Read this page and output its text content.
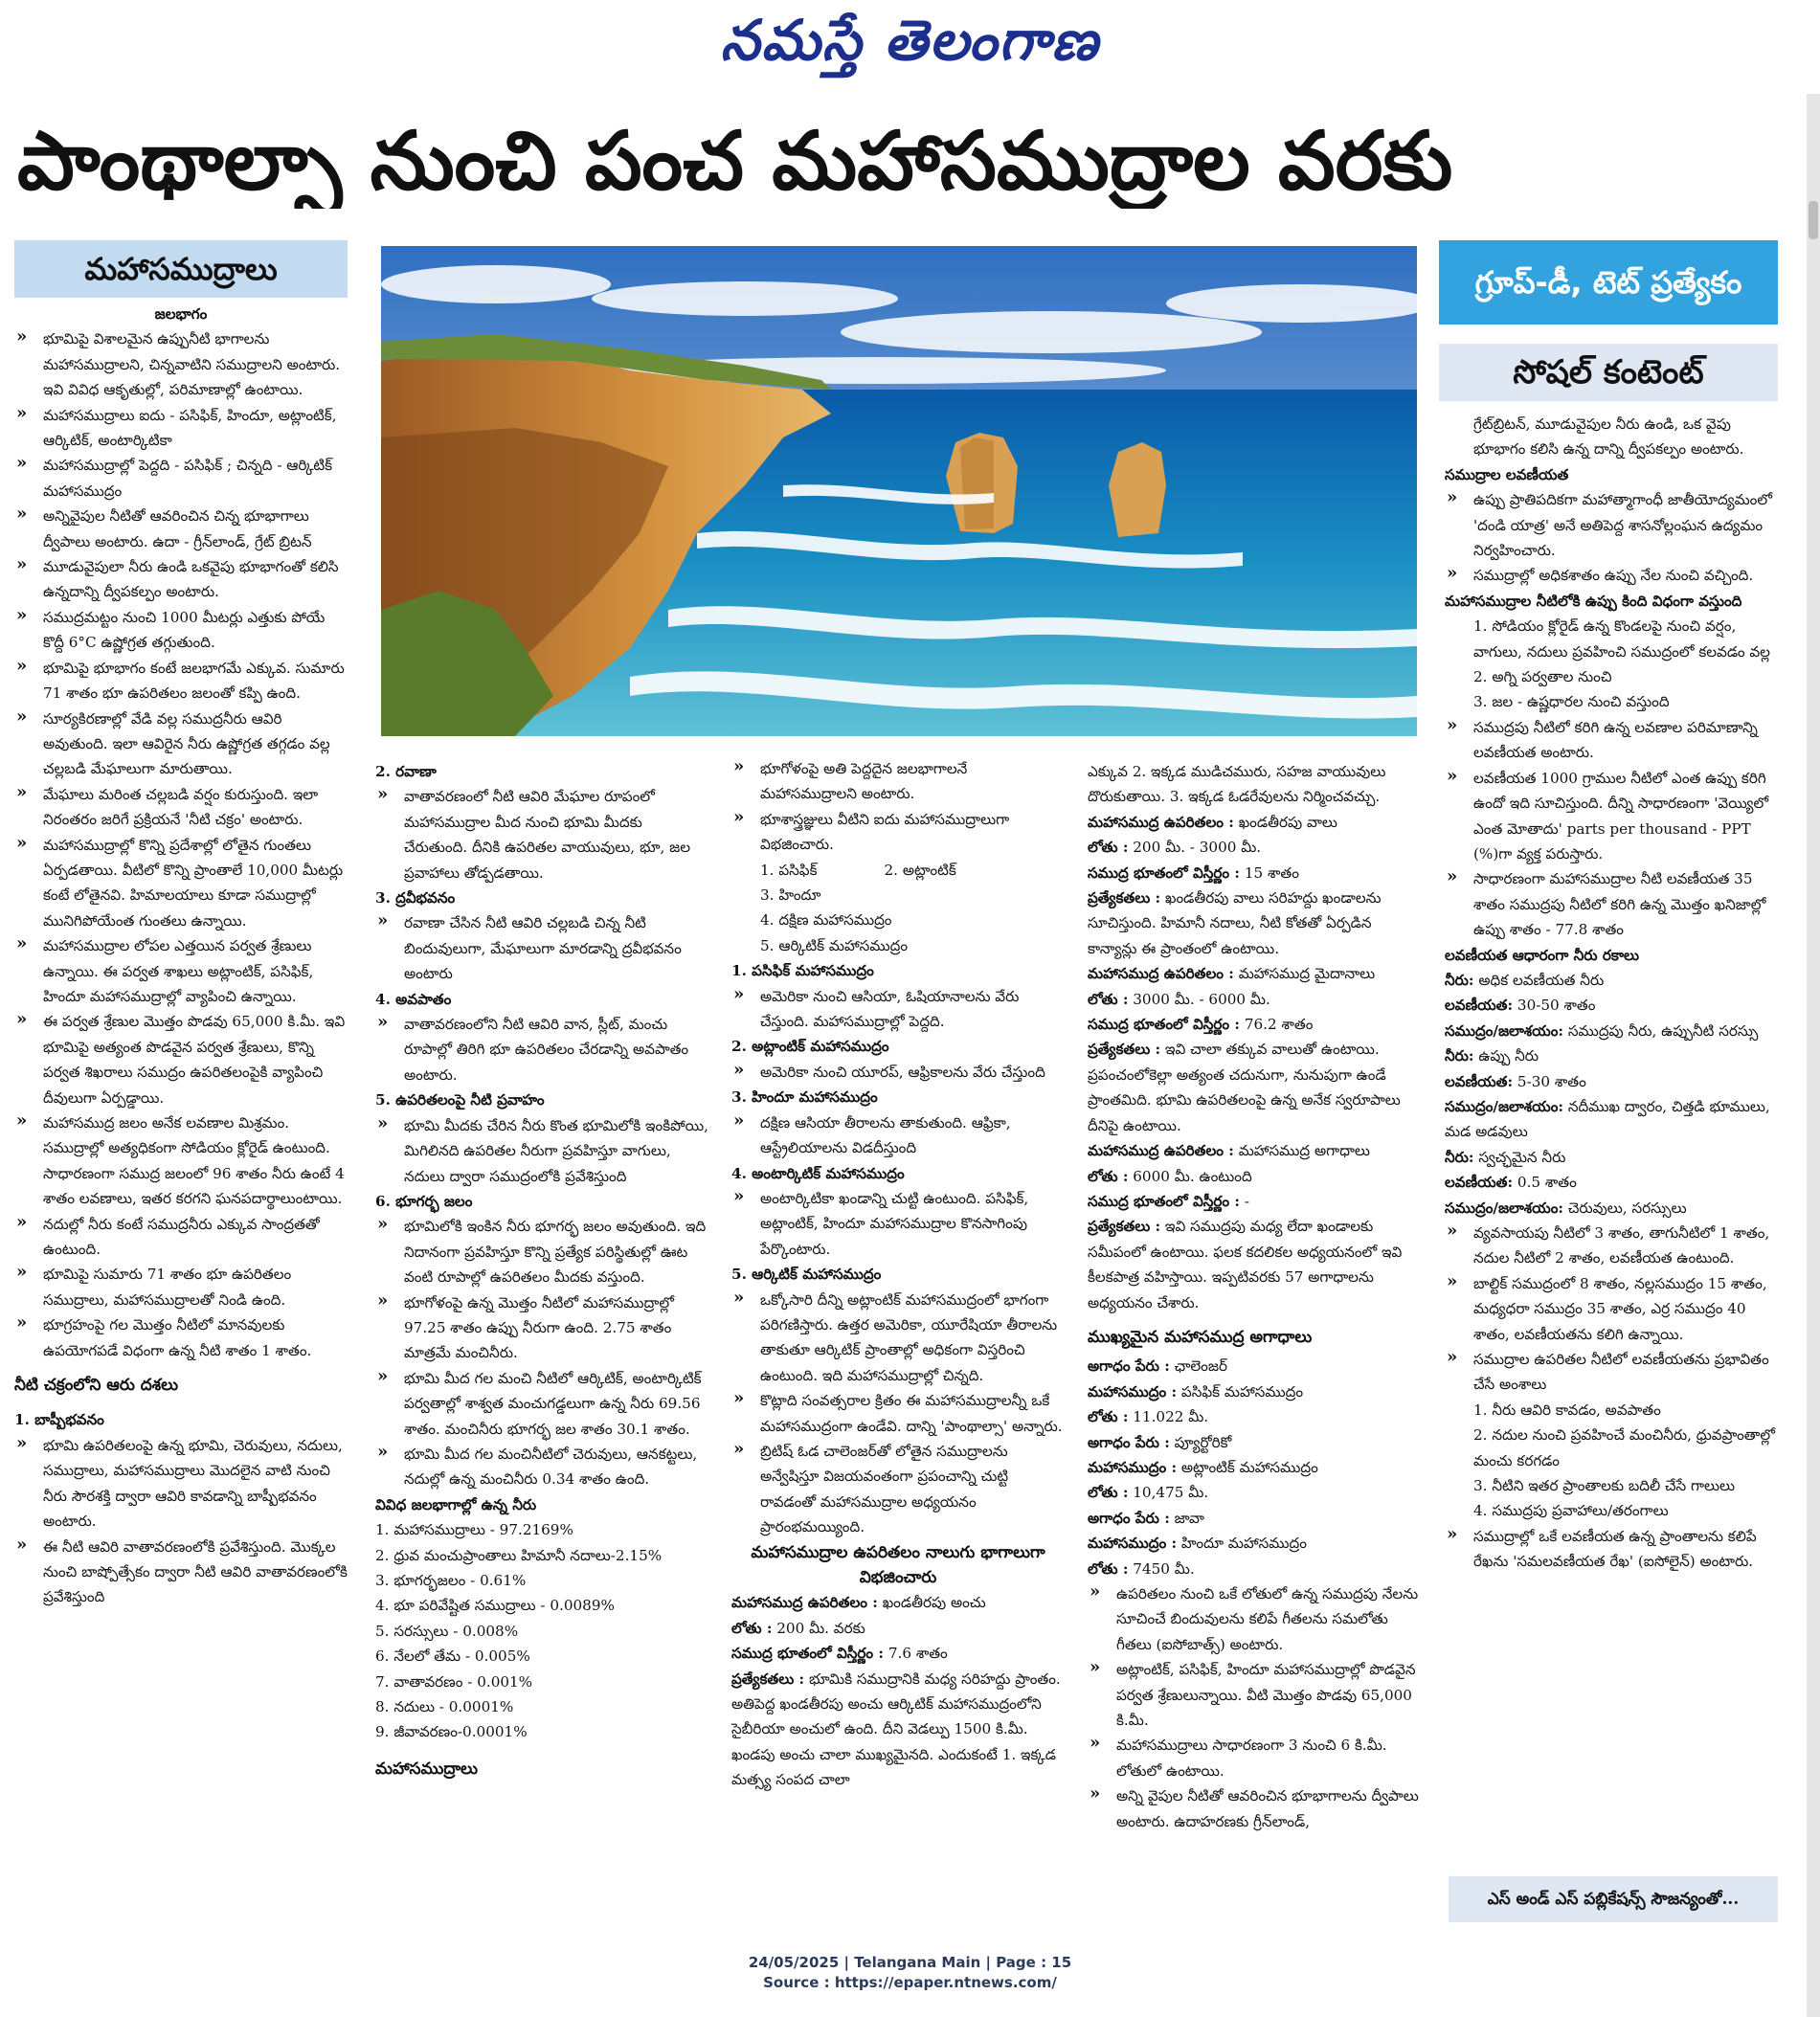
నమస్తే తెలంగాణ
పాంథాల్సా నుంచి పంచ మహాసముద్రాల వరకు
మహాసముద్రాలు	గ్రూప్-డీ, టెట్ ప్రత్యేకం
సోషల్ కంటెంట్

జలభాగం

» భూమిపై విశాలమైన ఉప్పునీటి భాగాలను మహాసముద్రాలని, చిన్నవాటిని సముద్రాలని అంటారు. ఇవి వివిధ ఆకృతుల్లో, పరిమాణాల్లో ఉంటాయి.

» మహాసముద్రాలు ఐదు - పసిఫిక్, హిందూ, అట్లాంటిక్, ఆర్కిటిక్, అంటార్కిటికా

» మహాసముద్రాల్లో పెద్దది - పసిఫిక్ ; చిన్నది - ఆర్కిటిక్ మహాసముద్రం

» అన్నివైపుల నీటితో ఆవరించిన చిన్న భూభాగాలు ద్వీపాలు అంటారు. ఉదా - గ్రీన్‌లాండ్, గ్రేట్ బ్రిటన్

» మూడువైపులా నీరు ఉండి ఒకవైపు భూభాగంతో కలిసి ఉన్నదాన్ని ద్వీపకల్పం అంటారు.

» సముద్రమట్టం నుంచి 1000 మీటర్లు ఎత్తుకు పోయే కొద్దీ 6°C ఉష్ణోగ్రత తగ్గుతుంది.

» భూమిపై భూభాగం కంటే జలభాగమే ఎక్కువ. సుమారు 71 శాతం భూ ఉపరితలం జలంతో కప్పి ఉంది.

» సూర్యకిరణాల్లో వేడి వల్ల సముద్రనీరు ఆవిరి అవుతుంది. ఇలా ఆవిరైన నీరు ఉష్ణోగ్రత తగ్గడం వల్ల చల్లబడి మేఘాలుగా మారుతాయి.

» మేఘాలు మరింత చల్లబడి వర్షం కురుస్తుంది. ఇలా నిరంతరం జరిగే ప్రక్రియనే 'నీటి చక్రం' అంటారు.

» మహాసముద్రాల్లో కొన్ని ప్రదేశాల్లో లోతైన గుంతలు ఏర్పడతాయి. వీటిలో కొన్ని ప్రాంతాలే 10,000 మీటర్లు కంటే లోతైనవి. హిమాలయాలు కూడా సముద్రాల్లో మునిగిపోయేంత గుంతలు ఉన్నాయి.

» మహాసముద్రాల లోపల ఎత్తయిన పర్వత శ్రేణులు ఉన్నాయి. ఈ పర్వత శాఖలు అట్లాంటిక్, పసిఫిక్, హిందూ మహాసముద్రాల్లో వ్యాపించి ఉన్నాయి.

» ఈ పర్వత శ్రేణుల మొత్తం పొడవు 65,000 కి.మీ. ఇవి భూమిపై అత్యంత పొడవైన పర్వత శ్రేణులు, కొన్ని పర్వత శిఖరాలు సముద్రం ఉపరితలంపైకి వ్యాపించి దీవులుగా ఏర్పడ్డాయి.

» మహాసముద్ర జలం అనేక లవణాల మిశ్రమం. సముద్రాల్లో అత్యధికంగా సోడియం క్లోరైడ్ ఉంటుంది. సాధారణంగా సముద్ర జలంలో 96 శాతం నీరు ఉంటే 4 శాతం లవణాలు, ఇతర కరగని ఘనపదార్థాలుంటాయి.

» నదుల్లో నీరు కంటే సముద్రనీరు ఎక్కువ సాంద్రతతో ఉంటుంది.

» భూమిపై సుమారు 71 శాతం భూ ఉపరితలం సముద్రాలు, మహాసముద్రాలతో నిండి ఉంది.

» భూగ్రహంపై గల మొత్తం నీటిలో మానవులకు ఉపయోగపడే విధంగా ఉన్న నీటి శాతం 1 శాతం.

నీటి చక్రంలోని ఆరు దశలు

1. బాష్పీభవనం

» భూమి ఉపరితలంపై ఉన్న భూమి, చెరువులు, నదులు, సముద్రాలు, మహాసముద్రాలు మొదలైన వాటి నుంచి నీరు సౌరశక్తి ద్వారా ఆవిరి కావడాన్ని బాష్పీభవనం అంటారు.

» ఈ నీటి ఆవిరి వాతావరణంలోకి ప్రవేశిస్తుంది. మొక్కల నుంచి బాష్పోత్సేకం ద్వారా నీటి ఆవిరి వాతావరణంలోకి ప్రవేశిస్తుంది

2. రవాణా

» వాతావరణంలో నీటి ఆవిరి మేఘాల రూపంలో మహాసముద్రాల మీద నుంచి భూమి మీదకు చేరుతుంది. దీనికి ఉపరితల వాయువులు, భూ, జల ప్రవాహాలు తోడ్పడతాయి.

3. ద్రవీభవనం

» రవాణా చేసిన నీటి ఆవిరి చల్లబడి చిన్న నీటి బిందువులుగా, మేఘాలుగా మారడాన్ని ద్రవీభవనం అంటారు

4. అవపాతం

» వాతావరణంలోని నీటి ఆవిరి వాన, స్లీట్, మంచు రూపాల్లో తిరిగి భూ ఉపరితలం చేరడాన్ని అవపాతం అంటారు.

5. ఉపరితలంపై నీటి ప్రవాహం

» భూమి మీదకు చేరిన నీరు కొంత భూమిలోకి ఇంకిపోయి, మిగిలినది ఉపరితల నీరుగా ప్రవహిస్తూ వాగులు, నదులు ద్వారా సముద్రంలోకి ప్రవేశిస్తుంది

6. భూగర్భ జలం

» భూమిలోకి ఇంకిన నీరు భూగర్భ జలం అవుతుంది. ఇది నిదానంగా ప్రవహిస్తూ కొన్ని ప్రత్యేక పరిస్థితుల్లో ఊట వంటి రూపాల్లో ఉపరితలం మీదకు వస్తుంది.

» భూగోళంపై ఉన్న మొత్తం నీటిలో మహాసముద్రాల్లో 97.25 శాతం ఉప్పు నీరుగా ఉంది. 2.75 శాతం మాత్రమే మంచినీరు.

» భూమి మీద గల మంచి నీటిలో ఆర్కిటిక్, అంటార్కిటిక్ పర్వతాల్లో శాశ్వత మంచుగడ్డలుగా ఉన్న నీరు 69.56 శాతం. మంచినీరు భూగర్భ జల శాతం 30.1 శాతం.

» భూమి మీద గల మంచినీటిలో చెరువులు, ఆనకట్టలు, నదుల్లో ఉన్న మంచినీరు 0.34 శాతం ఉంది.

వివిధ జలభాగాల్లో ఉన్న నీరు

1. మహాసముద్రాలు - 97.2169%

2. ధ్రువ మంచుప్రాంతాలు హిమానీ నదాలు-2.15%

3. భూగర్భజలం - 0.61%

4. భూ పరివేష్టిత సముద్రాలు - 0.0089%

5. సరస్సులు - 0.008%

6. నేలలో తేమ - 0.005%

7. వాతావరణం - 0.001%

8. నదులు - 0.0001%

9. జీవావరణం-0.0001%

మహాసముద్రాలు

» భూగోళంపై అతి పెద్దదైన జలభాగాలనే మహాసముద్రాలని అంటారు.

» భూశాస్త్రజ్ఞులు వీటిని ఐదు మహాసముద్రాలుగా విభజించారు.

1. పసిఫిక్	2. అట్లాంటిక్

3. హిందూ

4. దక్షిణ మహాసముద్రం

5. ఆర్కిటిక్ మహాసముద్రం

1. పసిఫిక్ మహాసముద్రం

» అమెరికా నుంచి ఆసియా, ఓషియానాలను వేరు చేస్తుంది. మహాసముద్రాల్లో పెద్దది.

2. అట్లాంటిక్ మహాసముద్రం

» అమెరికా నుంచి యూరప్, ఆఫ్రికాలను వేరు చేస్తుంది

3. హిందూ మహాసముద్రం

» దక్షిణ ఆసియా తీరాలను తాకుతుంది. ఆఫ్రికా, ఆస్ట్రేలియాలను విడదీస్తుంది

4. అంటార్కిటిక్ మహాసముద్రం

» అంటార్కిటికా ఖండాన్ని చుట్టి ఉంటుంది. పసిఫిక్, అట్లాంటిక్, హిందూ మహాసముద్రాల కొనసాగింపు పేర్కొంటారు.

5. ఆర్కిటిక్ మహాసముద్రం

» ఒక్కోసారి దీన్ని అట్లాంటిక్ మహాసముద్రంలో భాగంగా పరిగణిస్తారు. ఉత్తర అమెరికా, యూరేషియా తీరాలను తాకుతూ ఆర్కిటిక్ ప్రాంతాల్లో అధికంగా విస్తరించి ఉంటుంది. ఇది మహాసముద్రాల్లో చిన్నది.

» కొట్లాది సంవత్సరాల క్రితం ఈ మహాసముద్రాలన్నీ ఒకే మహాసముద్రంగా ఉండేవి. దాన్ని 'పాంథాల్సా' అన్నారు.

» బ్రిటిష్ ఓడ చాలెంజర్‌తో లోతైన సముద్రాలను అన్వేషిస్తూ విజయవంతంగా ప్రపంచాన్ని చుట్టి రావడంతో మహాసముద్రాల అధ్యయనం ప్రారంభమయ్యింది.

మహాసముద్రాల ఉపరితలం నాలుగు భాగాలుగా విభజించారు

మహాసముద్ర ఉపరితలం : ఖండతీరపు అంచు

లోతు : 200 మీ. వరకు

సముద్ర భూతంలో విస్తీర్ణం : 7.6 శాతం

ప్రత్యేకతలు : భూమికి సముద్రానికి మధ్య సరిహద్దు ప్రాంతం. అతిపెద్ద ఖండతీరపు అంచు ఆర్కిటిక్ మహాసముద్రంలోని సైబీరియా అంచులో ఉంది. దీని వెడల్పు 1500 కి.మీ. ఖండపు అంచు చాలా ముఖ్యమైనది. ఎందుకంటే 1. ఇక్కడ మత్స్య సంపద చాలా

ఎక్కువ 2. ఇక్కడ ముడిచమురు, సహజ వాయువులు దొరుకుతాయి. 3. ఇక్కడ ఓడరేవులను నిర్మించవచ్చు.

మహాసముద్ర ఉపరితలం : ఖండతీరపు వాలు

లోతు : 200 మీ. - 3000 మీ.

సముద్ర భూతంలో విస్తీర్ణం : 15 శాతం

ప్రత్యేకతలు : ఖండతీరపు వాలు సరిహద్దు ఖండాలను సూచిస్తుంది. హిమానీ నదాలు, నీటి కోతతో ఏర్పడిన కాన్యాన్లు ఈ ప్రాంతంలో ఉంటాయి.

మహాసముద్ర ఉపరితలం : మహాసముద్ర మైదానాలు

లోతు : 3000 మీ. - 6000 మీ.

సముద్ర భూతంలో విస్తీర్ణం : 76.2 శాతం

ప్రత్యేకతలు : ఇవి చాలా తక్కువ వాలుతో ఉంటాయి. ప్రపంచంలోకెల్లా అత్యంత చదునుగా, నునుపుగా ఉండే ప్రాంతమిది. భూమి ఉపరితలంపై ఉన్న అనేక స్వరూపాలు దీనిపై ఉంటాయి.

మహాసముద్ర ఉపరితలం : మహాసముద్ర అగాధాలు

లోతు : 6000 మీ. ఉంటుంది

సముద్ర భూతంలో విస్తీర్ణం : -

ప్రత్యేకతలు : ఇవి సముద్రపు మధ్య లేదా ఖండాలకు సమీపంలో ఉంటాయి. ఫలక కదలికల అధ్యయనంలో ఇవి కీలకపాత్ర వహిస్తాయి. ఇప్పటివరకు 57 అగాధాలను అధ్యయనం చేశారు.

ముఖ్యమైన మహాసముద్ర అగాధాలు

అగాధం పేరు : ఛాలెంజర్

మహాసముద్రం : పసిఫిక్ మహాసముద్రం

లోతు : 11.022 మీ.

అగాధం పేరు : ప్యూర్టోరికో

మహాసముద్రం : అట్లాంటిక్ మహాసముద్రం

లోతు : 10,475 మీ.

అగాధం పేరు : జావా

మహాసముద్రం : హిందూ మహాసముద్రం

లోతు : 7450 మీ.

» ఉపరితలం నుంచి ఒకే లోతులో ఉన్న సముద్రపు నేలను సూచించే బిందువులను కలిపే గీతలను సమలోతు గీతలు (ఐసోబాత్స్) అంటారు.

» అట్లాంటిక్, పసిఫిక్, హిందూ మహాసముద్రాల్లో పొడవైన పర్వత శ్రేణులున్నాయి. వీటి మొత్తం పొడవు 65,000 కి.మీ.

» మహాసముద్రాలు సాధారణంగా 3 నుంచి 6 కి.మీ. లోతులో ఉంటాయి.

» అన్ని వైపుల నీటితో ఆవరించిన భూభాగాలను ద్వీపాలు అంటారు. ఉదాహరణకు గ్రీన్‌లాండ్,

గ్రేట్‌బ్రిటన్, మూడువైపుల నీరు ఉండి, ఒక వైపు భూభాగం కలిసి ఉన్న దాన్ని ద్వీపకల్పం అంటారు.

సముద్రాల లవణీయత

» ఉప్పు ప్రాతిపదికగా మహాత్మాగాంధీ జాతీయోద్యమంలో 'దండి యాత్ర' అనే అతిపెద్ద శాసనోల్లంఘన ఉద్యమం నిర్వహించారు.

» సముద్రాల్లో అధికశాతం ఉప్పు నేల నుంచి వచ్చింది.

మహాసముద్రాల నీటిలోకి ఉప్పు కింది విధంగా వస్తుంది

1. సోడియం క్లోరైడ్ ఉన్న కొండలపై నుంచి వర్షం, వాగులు, నదులు ప్రవహించి సముద్రంలో కలవడం వల్ల

2. అగ్ని పర్వతాల నుంచి

3. జల - ఉష్ణధారల నుంచి వస్తుంది

» సముద్రపు నీటిలో కరిగి ఉన్న లవణాల పరిమాణాన్ని లవణీయత అంటారు.

» లవణీయత 1000 గ్రాముల నీటిలో ఎంత ఉప్పు కరిగి ఉందో ఇది సూచిస్తుంది. దీన్ని సాధారణంగా 'వెయ్యిలో ఎంత మోతాదు' parts per thousand - PPT (%)గా వ్యక్త పరుస్తారు.

» సాధారణంగా మహాసముద్రాల నీటి లవణీయత 35 శాతం సముద్రపు నీటిలో కరిగి ఉన్న మొత్తం ఖనిజాల్లో ఉప్పు శాతం - 77.8 శాతం

లవణీయత ఆధారంగా నీరు రకాలు

నీరు: అధిక లవణీయత నీరు

లవణీయత: 30-50 శాతం

సముద్రం/జలాశయం: సముద్రపు నీరు, ఉప్పునీటి సరస్సు

నీరు: ఉప్పు నీరు

లవణీయత: 5-30 శాతం

సముద్రం/జలాశయం: నదీముఖ ద్వారం, చిత్తడి భూములు, మడ అడవులు

నీరు: స్వచ్ఛమైన నీరు

లవణీయత: 0.5 శాతం

సముద్రం/జలాశయం: చెరువులు, సరస్సులు

» వ్యవసాయపు నీటిలో 3 శాతం, తాగునీటిలో 1 శాతం, నదుల నీటిలో 2 శాతం, లవణీయత ఉంటుంది.

» బాల్టిక్ సముద్రంలో 8 శాతం, నల్లసముద్రం 15 శాతం, మధ్యధరా సముద్రం 35 శాతం, ఎర్ర సముద్రం 40 శాతం, లవణీయతను కలిగి ఉన్నాయి.

» సముద్రాల ఉపరితల నీటిలో లవణీయతను ప్రభావితం చేసే అంశాలు

1. నీరు ఆవిరి కావడం, అవపాతం

2. నదుల నుంచి ప్రవహించే మంచినీరు, ధ్రువప్రాంతాల్లో మంచు కరగడం

3. నీటిని ఇతర ప్రాంతాలకు బదిలీ చేసే గాలులు

4. సముద్రపు ప్రవాహాలు/తరంగాలు

» సముద్రాల్లో ఒకే లవణీయత ఉన్న ప్రాంతాలను కలిపే రేఖను 'సమలవణీయత రేఖ' (ఐసోలైన్) అంటారు.

ఎస్ అండ్ ఎస్ పబ్లికేషన్స్ సౌజన్యంతో...
24/05/2025 | Telangana Main | Page : 15
Source : https://epaper.ntnews.com/
